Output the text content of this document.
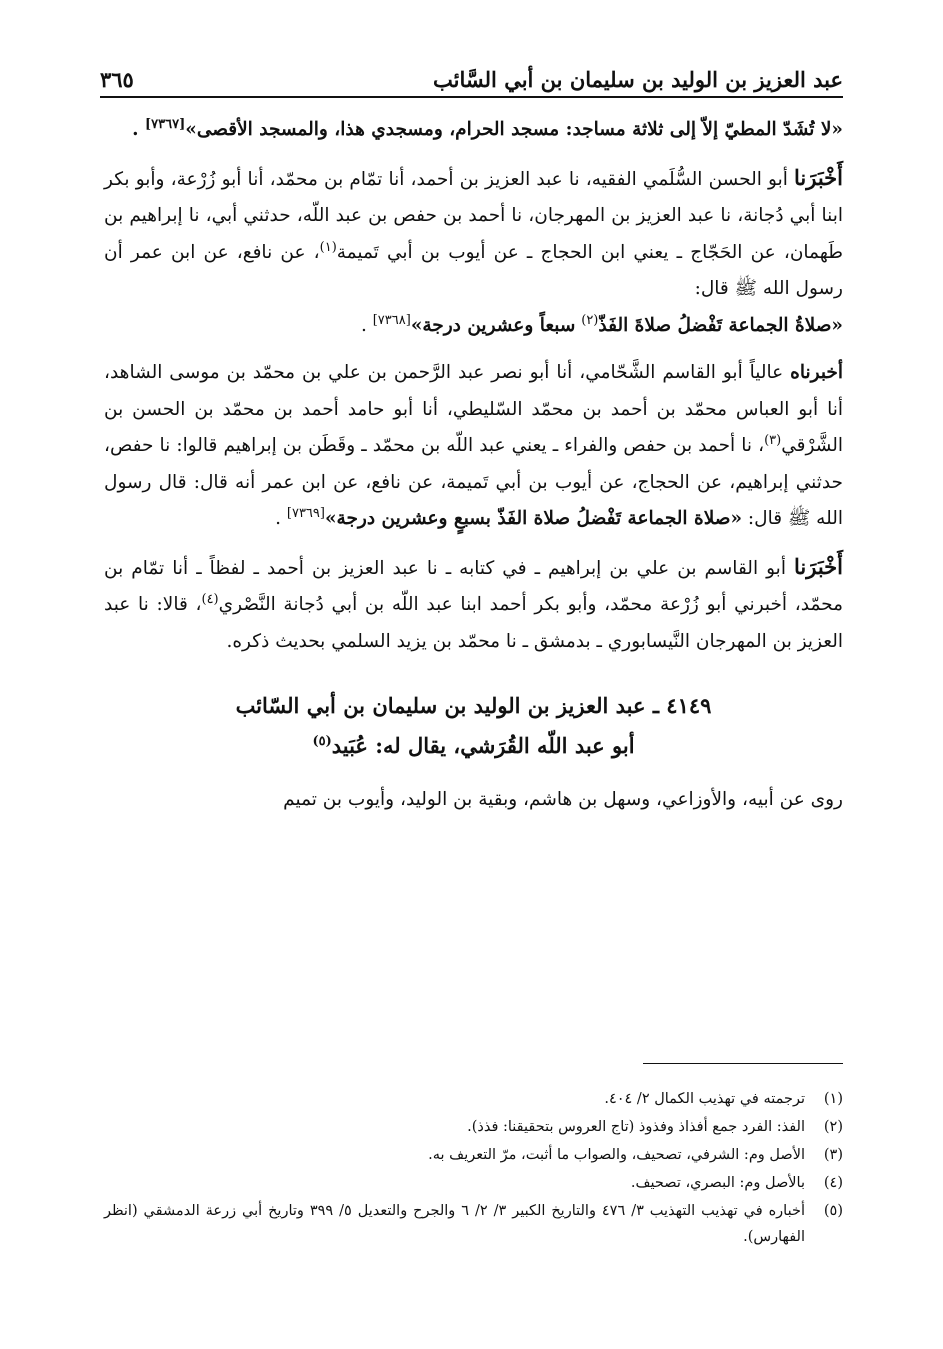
عبد العزيز بن الوليد بن سليمان بن أبي السَّائب
٣٦٥

«لا تُشَدّ المطيّ إلاّ إلى ثلاثة مساجد: مسجد الحرام، ومسجدي هذا، والمسجد الأقصى»[٧٣٦٧] .

أَخْبَرَنا أبو الحسن السُّلَمي الفقيه، نا عبد العزيز بن أحمد، أنا تمّام بن محمّد، أنا أبو زُرْعة، وأبو بكر ابنا أبي دُجانة، نا عبد العزيز بن المهرجان، نا أحمد بن حفص بن عبد اللّه، حدثني أبي، نا إبراهيم بن طَهمان، عن الحَجّاج ـ يعني ابن الحجاج ـ عن أيوب بن أبي تَميمة$^{(١)}$، عن نافع، عن ابن عمر أن رسول الله ﷺ قال:
«صلاةُ الجماعة تَفْضلُ صلاةَ الفَذّ$^{(٢)}$ سبعاً وعشرين درجة»[٧٣٦٨] .

أخبرناه عالياً أبو القاسم الشَّحّامي، أنا أبو نصر عبد الرَّحمن بن علي بن محمّد بن موسى الشاهد، أنا أبو العباس محمّد بن أحمد بن محمّد السّليطي، أنا أبو حامد أحمد بن محمّد بن الحسن بن الشَّرْقي$^{(٣)}$، نا أحمد بن حفص والفراء ـ يعني عبد اللّه بن محمّد ـ وقَطَن بن إبراهيم قالوا: نا حفص، حدثني إبراهيم، عن الحجاج، عن أيوب بن أبي تَميمة، عن نافع، عن ابن عمر أنه قال: قال رسول الله ﷺ قال: «صلاة الجماعة تَفْضلُ صلاة الفَذّ بسبعٍ وعشرين درجة»[٧٣٦٩] .

أَخْبَرَنا أبو القاسم بن علي بن إبراهيم ـ في كتابه ـ نا عبد العزيز بن أحمد ـ لفظاً ـ أنا تمّام بن محمّد، أخبرني أبو زُرْعة محمّد، وأبو بكر أحمد ابنا عبد اللّه بن أبي دُجانة النَّصْري$^{(٤)}$، قالا: نا عبد العزيز بن المهرجان النَّيسابوري ـ بدمشق ـ نا محمّد بن يزيد السلمي بحديث ذكره.

٤١٤٩ ـ عبد العزيز بن الوليد بن سليمان بن أبي السّائب
أبو عبد اللّه القُرَشي، يقال له: عُبَيد$^{(٥)}$

روى عن أبيه، والأوزاعي، وسهل بن هاشم، وبقية بن الوليد، وأيوب بن تميم

(١)
ترجمته في تهذيب الكمال ٢/ ٤٠٤.
(٢)
الفذ: الفرد جمع أفذاذ وفذوذ (تاج العروس بتحقيقنا: فذذ).
(٣)
الأصل وم: الشرفي، تصحيف، والصواب ما أثبت، مرّ التعريف به.
(٤)
بالأصل وم: البصري، تصحيف.
(٥)
أخباره في تهذيب التهذيب ٣/ ٤٧٦ والتاريخ الكبير ٣/ ٢/ ٦ والجرح والتعديل ٥/ ٣٩٩ وتاريخ أبي زرعة الدمشقي (انظر الفهارس).
